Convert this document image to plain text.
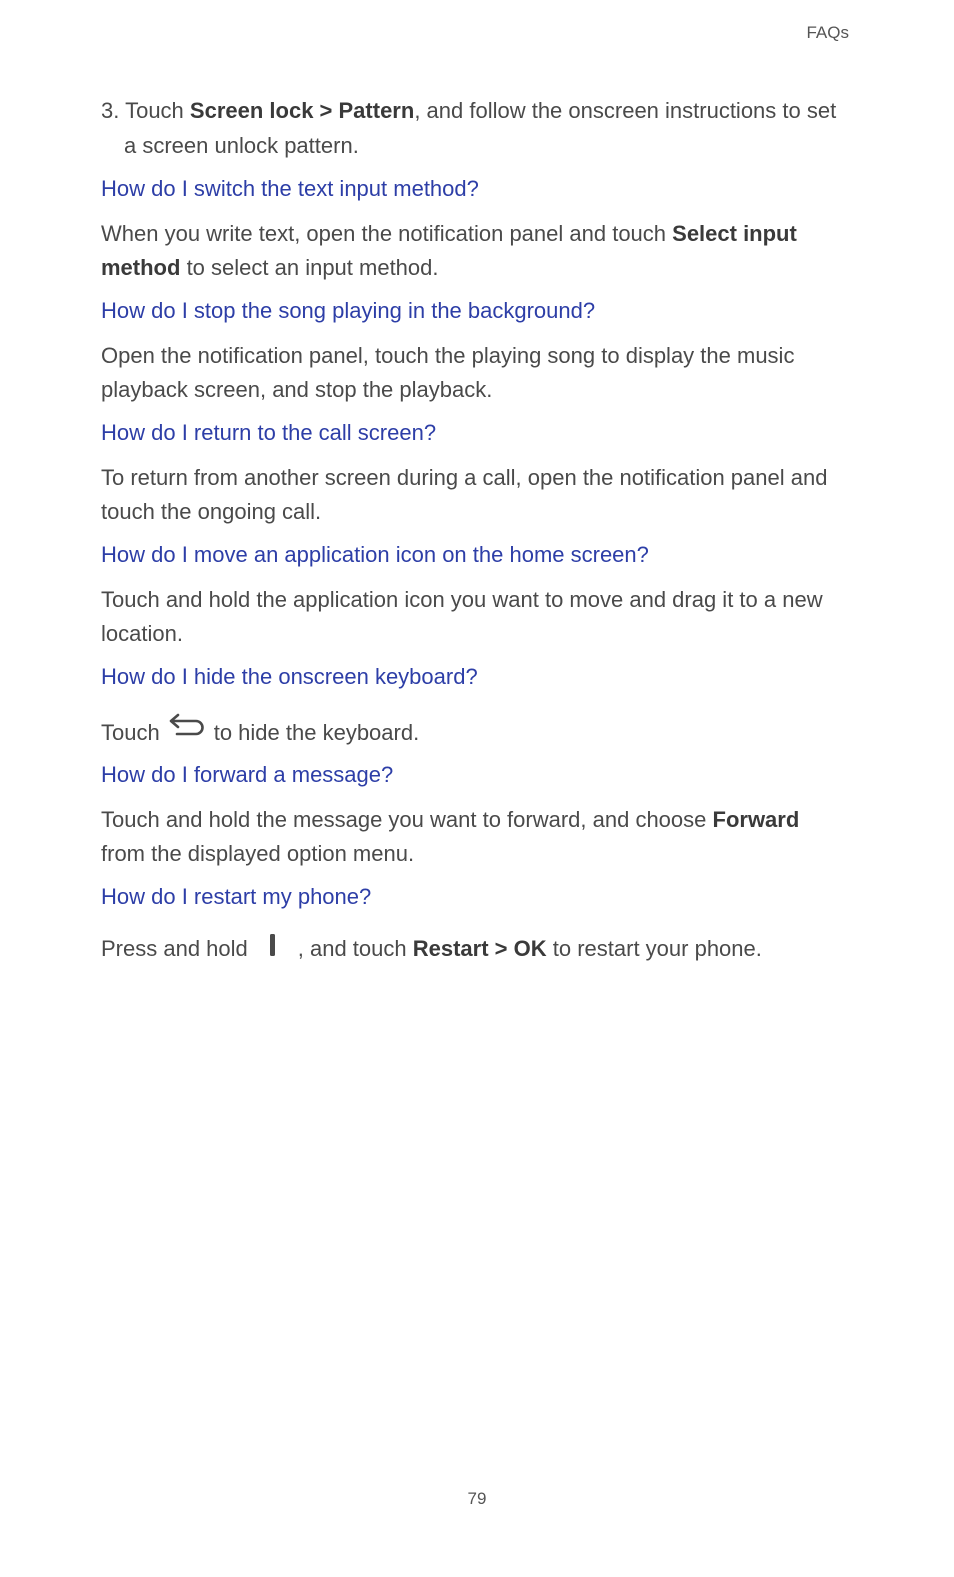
FAQs

3. Touch Screen lock > Pattern, and follow the onscreen instructions to set a screen unlock pattern.

How do I switch the text input method?

When you write text, open the notification panel and touch Select input method to select an input method.

How do I stop the song playing in the background?

Open the notification panel, touch the playing song to display the music playback screen, and stop the playback.

How do I return to the call screen?

To return from another screen during a call, open the notification panel and touch the ongoing call.

How do I move an application icon on the home screen?

Touch and hold the application icon you want to move and drag it to a new location.

How do I hide the onscreen keyboard?

Touch to hide the keyboard.

How do I forward a message?

Touch and hold the message you want to forward, and choose Forward from the displayed option menu.

How do I restart my phone?

Press and hold , and touch Restart > OK to restart your phone.

79
